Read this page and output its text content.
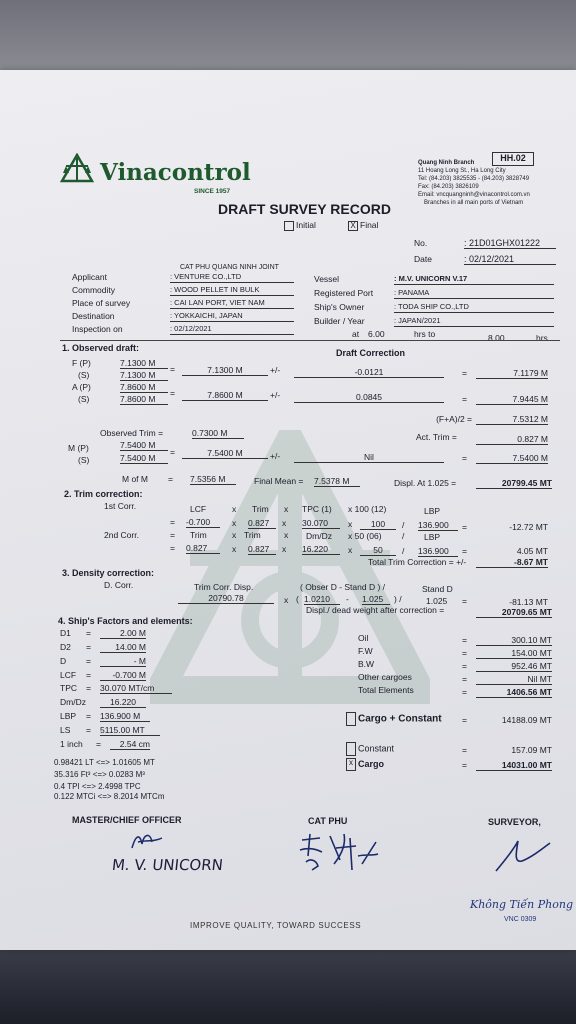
Vinacontrol
SINCE 1957
HH.02
Quang Ninh Branch
11 Hoang Long St., Ha Long City
Tel: (84.203) 3825535 - (84.203) 3828749
Fax: (84.203) 3826109
Email: vncquangninh@vinacontrol.com.vn
Branches in all main ports of Vietnam
DRAFT SURVEY RECORD
Initial	X Final
No.	: 21D01GHX01222
Date	: 02/12/2021
CAT PHU QUANG NINH JOINT
Applicant	: VENTURE CO.,LTD
Commodity	: WOOD PELLET IN BULK
Place of survey	: CAI LAN PORT, VIET NAM
Destination	: YOKKAICHI, JAPAN
Inspection on	: 02/12/2021
Vessel	: M.V. UNICORN V.17
Registered Port	: PANAMA
Ship's Owner	: TODA SHIP CO.,LTD
Builder / Year	: JAPAN/2021
at 6.00	hrs to	8.00	hrs
1. Observed draft:	Draft Correction
F (P)
(S)
7.1300 M
7.1300 M
=	7.1300 M	+/-	-0.0121	=	7.1179 M
A (P)
(S)
7.8600 M
7.8600 M
=	7.8600 M	+/-	0.0845	=	7.9445 M
(F+A)/2 =	7.5312 M
Observed Trim =	0.7300 M	Act. Trim =	0.827 M
M (P)
(S)
7.5400 M
7.5400 M
=	7.5400 M	+/-	Nil	=	7.5400 M
M of M = 7.5356 M	Final Mean = 7.5378 M	Displ. At 1.025 =	20799.45 MT
2. Trim correction:
1st Corr.	LCF	x Trim x TPC (1) x 100 (12)	LBP
= -0.700	x 0.827	x 30.070	x	100	/ 136.900	=	-12.72 MT
2nd Corr.	= Trim	x Trim	x Dm/Dz x 50 (06) / LBP
= 0.827	x 0.827	x 16.220	x	50	/ 136.900	=	4.05 MT
Total Trim Correction = +/-	-8.67 MT
3. Density correction:
D. Corr.	Trim Corr. Disp.
20790.78	x
( Obser D - Stand D ) /	Stand D
( 1.0210	- 1.025	) /	1.025 =	-81.13 MT
Displ./ dead weight after correction =	20709.65 MT
4. Ship's Factors and elements:
D1 =	2.00 M
D2 =	14.00 M
D =	- M
LCF =	-0.700 M
TPC = 30.070 MT/cm
Dm/Dz	16.220
LBP = 136.900 M
LS = 5115.00 MT
1 inch =	2.54 cm
Oil	=	300.10 MT
F.W	=	154.00 MT
B.W	=	952.46 MT
Other cargoes	=	Nil MT
Total Elements	=	1406.56 MT
Cargo + Constant =	14188.09 MT
Constant	=	157.09 MT
x Cargo	=	14031.00 MT
0.98421 LT <=> 1.01605 MT
35.316 Ft³ <=> 0.0283 M³
0.4 TPI <=> 2.4998 TPC
0.122 MTCi <=> 8.2014 MTCm
MASTER/CHIEF OFFICER	CAT PHU	SURVEYOR,
M. V. UNICORN
Không Tiến Phong
VNC 0309
IMPROVE QUALITY, TOWARD SUCCESS
